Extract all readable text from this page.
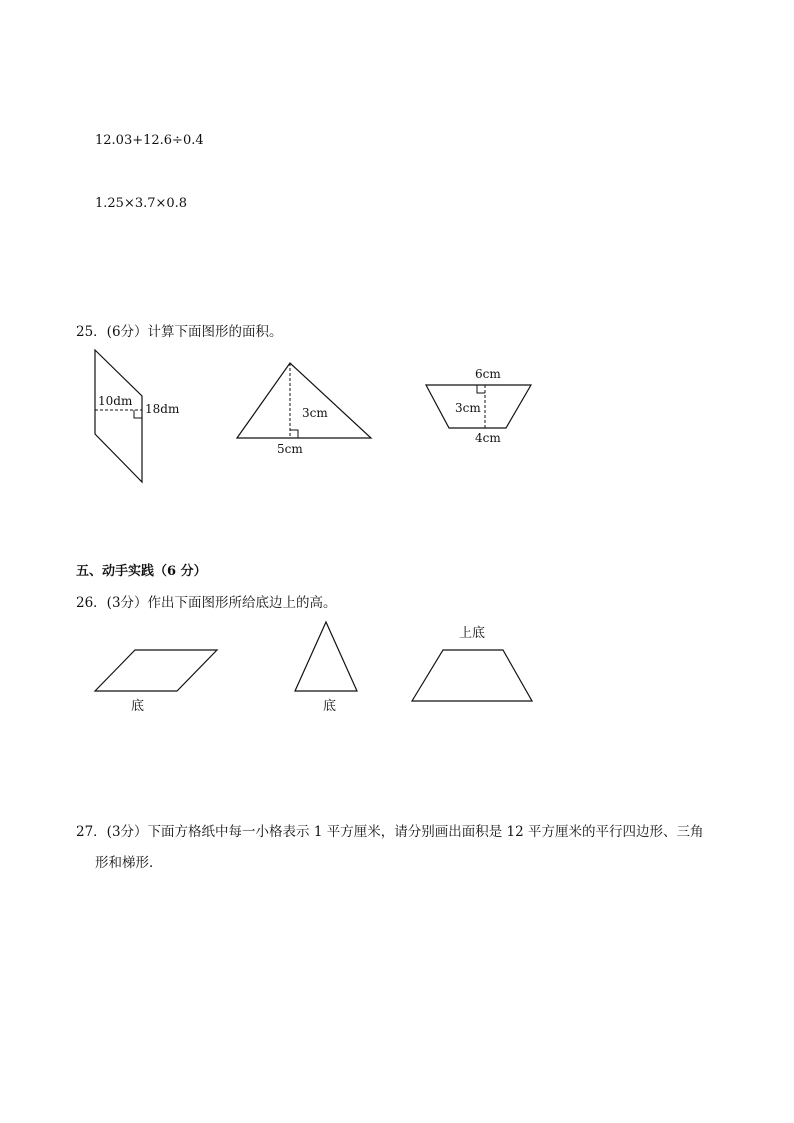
12.03+12.6÷0.4
1.25×3.7×0.8
25．(6分）计算下面图形的面积。
10dm
18dm	3cm
5cm
6cm
3cm
4cm
底	底
上底
五、动手实践（6 分）
26．(3分）作出下面图形所给底边上的高。
27．(3分）下面方格纸中每一小格表示 1 平方厘米，请分别画出面积是 12 平方厘米的平行四边形、三角
形和梯形．
